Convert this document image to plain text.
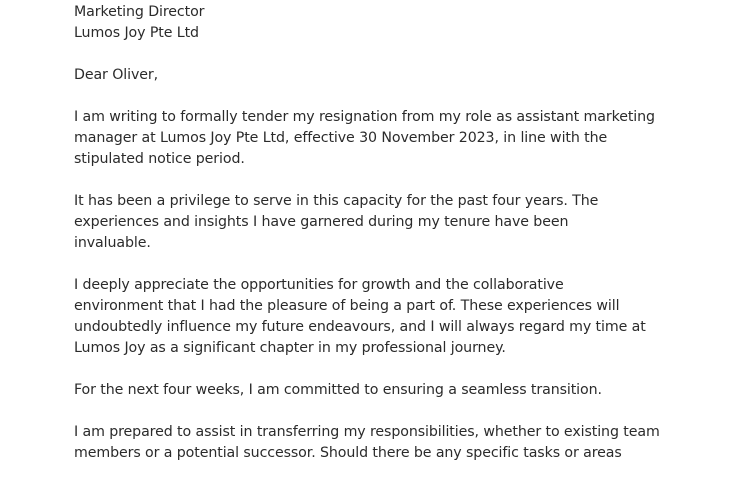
Marketing Director

Lumos Joy Pte Ltd

Dear Oliver,

I am writing to formally tender my resignation from my role as assistant marketing
manager at Lumos Joy Pte Ltd, effective 30 November 2023, in line with the
stipulated notice period.

It has been a privilege to serve in this capacity for the past four years. The
experiences and insights I have garnered during my tenure have been
invaluable.

I deeply appreciate the opportunities for growth and the collaborative
environment that I had the pleasure of being a part of. These experiences will
undoubtedly influence my future endeavours, and I will always regard my time at
Lumos Joy as a significant chapter in my professional journey.

For the next four weeks, I am committed to ensuring a seamless transition.

I am prepared to assist in transferring my responsibilities, whether to existing team
members or a potential successor. Should there be any specific tasks or areas
